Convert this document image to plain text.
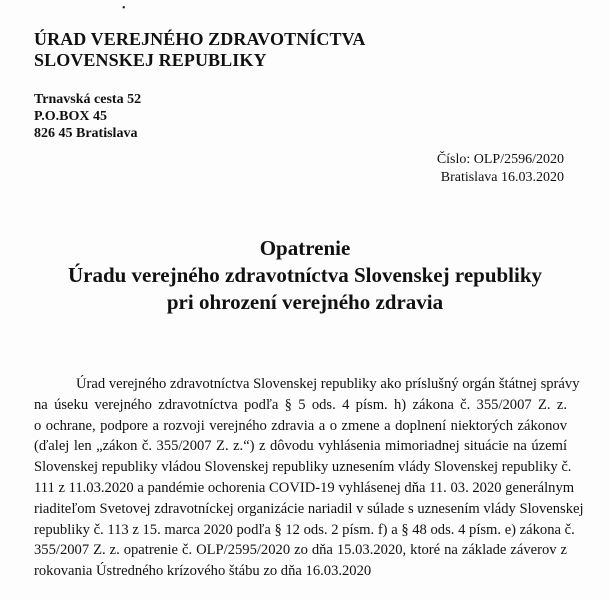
•
ÚRAD VEREJNÉHO ZDRAVOTNÍCTVA
SLOVENSKEJ REPUBLIKY
Trnavská cesta 52
P.O.BOX 45
826 45 Bratislava
Číslo: OLP/2596/2020
Bratislava 16.03.2020
Opatrenie
Úradu verejného zdravotníctva Slovenskej republiky
pri ohrození verejného zdravia
Úrad verejného zdravotníctva Slovenskej republiky ako príslušný orgán štátnej správy
na úseku verejného zdravotníctva podľa § 5 ods. 4 písm. h) zákona č. 355/2007 Z. z.
o ochrane, podpore a rozvoji verejného zdravia a o zmene a doplnení niektorých zákonov
(ďalej len „zákon č. 355/2007 Z. z.“) z dôvodu vyhlásenia mimoriadnej situácie na území
Slovenskej republiky vládou Slovenskej republiky uznesením vlády Slovenskej republiky č.
111 z 11.03.2020 a pandémie ochorenia COVID-19 vyhlásenej dňa 11. 03. 2020 generálnym
riaditeľom Svetovej zdravotníckej organizácie nariadil v súlade s uznesením vlády Slovenskej
republiky č. 113 z 15. marca 2020 podľa § 12 ods. 2 písm. f) a § 48 ods. 4 písm. e) zákona č.
355/2007 Z. z. opatrenie č. OLP/2595/2020 zo dňa 15.03.2020, ktoré na základe záverov z
rokovania Ústredného krízového štábu zo dňa 16.03.2020
